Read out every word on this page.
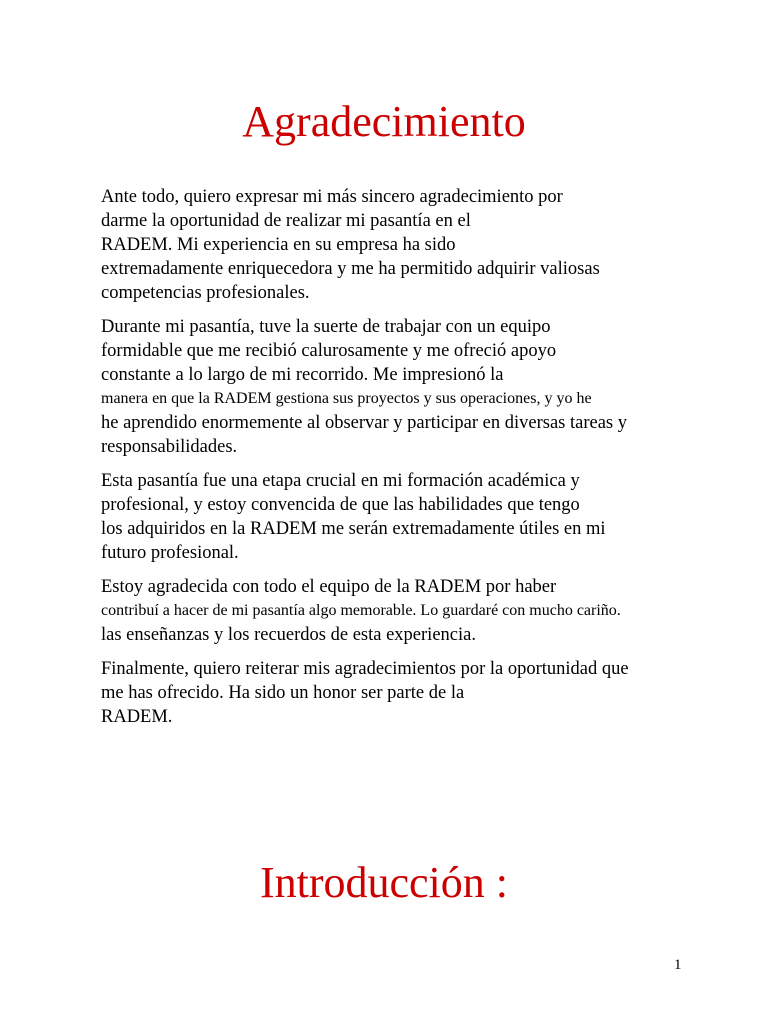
Agradecimiento

Ante todo, quiero expresar mi más sincero agradecimiento por
darme la oportunidad de realizar mi pasantía en el
RADEM. Mi experiencia en su empresa ha sido
extremadamente enriquecedora y me ha permitido adquirir valiosas
competencias profesionales.

Durante mi pasantía, tuve la suerte de trabajar con un equipo
formidable que me recibió calurosamente y me ofreció apoyo
constante a lo largo de mi recorrido. Me impresionó la
manera en que la RADEM gestiona sus proyectos y sus operaciones, y yo he
he aprendido enormemente al observar y participar en diversas tareas y
responsabilidades.

Esta pasantía fue una etapa crucial en mi formación académica y
profesional, y estoy convencida de que las habilidades que tengo
los adquiridos en la RADEM me serán extremadamente útiles en mi
futuro profesional.

Estoy agradecida con todo el equipo de la RADEM por haber
contribuí a hacer de mi pasantía algo memorable. Lo guardaré con mucho cariño.
las enseñanzas y los recuerdos de esta experiencia.

Finalmente, quiero reiterar mis agradecimientos por la oportunidad que
me has ofrecido. Ha sido un honor ser parte de la
RADEM.

Introducción :
1
